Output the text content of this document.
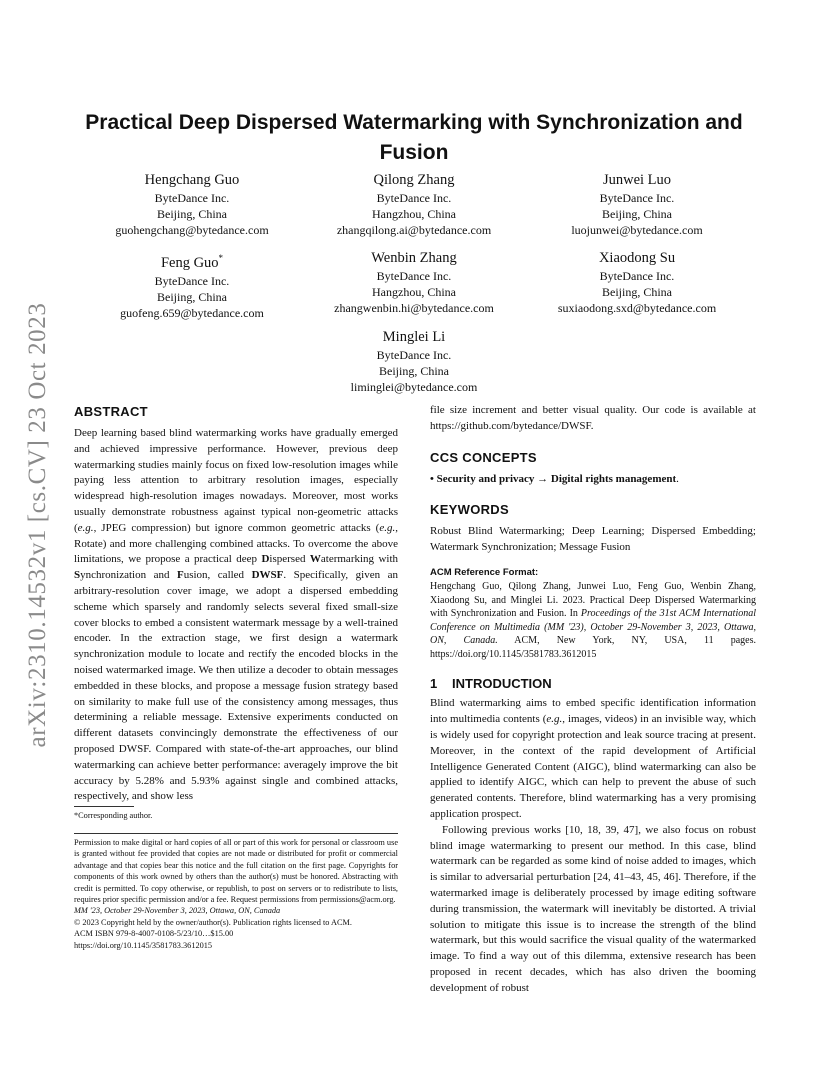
arXiv:2310.14532v1 [cs.CV] 23 Oct 2023
Practical Deep Dispersed Watermarking with Synchronization and Fusion
Hengchang Guo
ByteDance Inc.
Beijing, China
guohengchang@bytedance.com
Qilong Zhang
ByteDance Inc.
Hangzhou, China
zhangqilong.ai@bytedance.com
Junwei Luo
ByteDance Inc.
Beijing, China
luojunwei@bytedance.com
Feng Guo*
ByteDance Inc.
Beijing, China
guofeng.659@bytedance.com
Wenbin Zhang
ByteDance Inc.
Hangzhou, China
zhangwenbin.hi@bytedance.com
Xiaodong Su
ByteDance Inc.
Beijing, China
suxiaodong.sxd@bytedance.com
Minglei Li
ByteDance Inc.
Beijing, China
liminglei@bytedance.com
ABSTRACT

Deep learning based blind watermarking works have gradually emerged and achieved impressive performance. However, previous deep watermarking studies mainly focus on fixed low-resolution images while paying less attention to arbitrary resolution images, especially widespread high-resolution images nowadays. Moreover, most works usually demonstrate robustness against typical non-geometric attacks (e.g., JPEG compression) but ignore common geometric attacks (e.g., Rotate) and more challenging combined attacks. To overcome the above limitations, we propose a practical deep Dispersed Watermarking with Synchronization and Fusion, called DWSF. Specifically, given an arbitrary-resolution cover image, we adopt a dispersed embedding scheme which sparsely and randomly selects several fixed small-size cover blocks to embed a consistent watermark message by a well-trained encoder. In the extraction stage, we first design a watermark synchronization module to locate and rectify the encoded blocks in the noised watermarked image. We then utilize a decoder to obtain messages embedded in these blocks, and propose a message fusion strategy based on similarity to make full use of the consistency among messages, thus determining a reliable message. Extensive experiments conducted on different datasets convincingly demonstrate the effectiveness of our proposed DWSF. Compared with state-of-the-art approaches, our blind watermarking can achieve better performance: averagely improve the bit accuracy by 5.28% and 5.93% against single and combined attacks, respectively, and show less

*Corresponding author.
Permission to make digital or hard copies of all or part of this work for personal or classroom use is granted without fee provided that copies are not made or distributed for profit or commercial advantage and that copies bear this notice and the full citation on the first page. Copyrights for components of this work owned by others than the author(s) must be honored. Abstracting with credit is permitted. To copy otherwise, or republish, to post on servers or to redistribute to lists, requires prior specific permission and/or a fee. Request permissions from permissions@acm.org.
MM '23, October 29-November 3, 2023, Ottawa, ON, Canada
© 2023 Copyright held by the owner/author(s). Publication rights licensed to ACM.
ACM ISBN 979-8-4007-0108-5/23/10…$15.00
https://doi.org/10.1145/3581783.3612015

file size increment and better visual quality. Our code is available at https://github.com/bytedance/DWSF.

CCS CONCEPTS

• Security and privacy → Digital rights management.

KEYWORDS

Robust Blind Watermarking; Deep Learning; Dispersed Embedding; Watermark Synchronization; Message Fusion

ACM Reference Format:

Hengchang Guo, Qilong Zhang, Junwei Luo, Feng Guo, Wenbin Zhang, Xiaodong Su, and Minglei Li. 2023. Practical Deep Dispersed Watermarking with Synchronization and Fusion. In Proceedings of the 31st ACM International Conference on Multimedia (MM '23), October 29-November 3, 2023, Ottawa, ON, Canada. ACM, New York, NY, USA, 11 pages. https://doi.org/10.1145/3581783.3612015

1 INTRODUCTION

Blind watermarking aims to embed specific identification information into multimedia contents (e.g., images, videos) in an invisible way, which is widely used for copyright protection and leak source tracing at present. Moreover, in the context of the rapid development of Artificial Intelligence Generated Content (AIGC), blind watermarking can also be applied to identify AIGC, which can help to prevent the abuse of such generated contents. Therefore, blind watermarking has a very promising application prospect.

Following previous works [10, 18, 39, 47], we also focus on robust blind image watermarking to present our method. In this case, blind watermark can be regarded as some kind of noise added to images, which is similar to adversarial perturbation [24, 41–43, 45, 46]. Therefore, if the watermarked image is deliberately processed by image editing software during transmission, the watermark will inevitably be distorted. A trivial solution to mitigate this issue is to increase the strength of the blind watermark, but this would sacrifice the visual quality of the watermarked image. To find a way out of this dilemma, extensive research has been proposed in recent decades, which has also driven the booming development of robust
